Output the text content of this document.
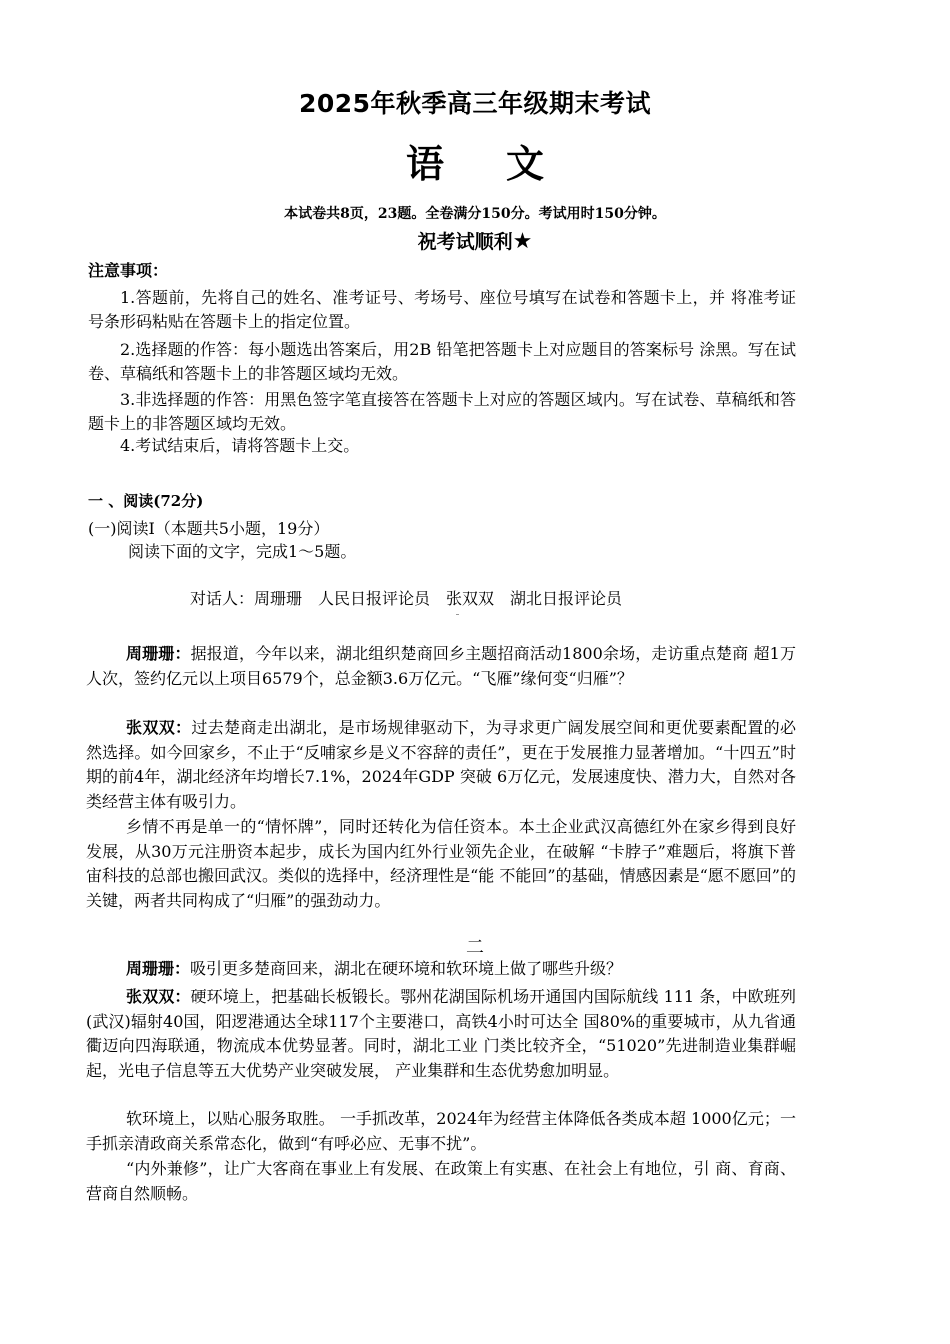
2025年秋季高三年级期末考试
语 文
本试卷共8页，23题。全卷满分150分。考试用时150分钟。
祝考试顺利★
注意事项：
1.答题前，先将自己的姓名、准考证号、考场号、座位号填写在试卷和答题卡上，并 将准考证号条形码粘贴在答题卡上的指定位置。
2.选择题的作答：每小题选出答案后，用2B 铅笔把答题卡上对应题目的答案标号 涂黑。写在试卷、草稿纸和答题卡上的非答题区域均无效。
3.非选择题的作答：用黑色签字笔直接答在答题卡上对应的答题区域内。写在试卷、草稿纸和答题卡上的非答题区域均无效。
4.考试结束后，请将答题卡上交。
一 、阅读(72分)
(一)阅读Ⅰ（本题共5小题，19分）
阅读下面的文字，完成1～5题。
对话人：周珊珊　人民日报评论员　张双双　湖北日报评论员
周珊珊：据报道，今年以来，湖北组织楚商回乡主题招商活动1800余场，走访重点楚商 超1万人次，签约亿元以上项目6579个，总金额3.6万亿元。“飞雁”缘何变“归雁”？
张双双：过去楚商走出湖北，是市场规律驱动下，为寻求更广阔发展空间和更优要素配置的必然选择。如今回家乡，不止于“反哺家乡是义不容辞的责任”，更在于发展推力显著增加。“十四五”时期的前4年，湖北经济年均增长7.1%，2024年GDP 突破 6万亿元，发展速度快、潜力大，自然对各类经营主体有吸引力。
乡情不再是单一的“情怀牌”，同时还转化为信任资本。本土企业武汉高德红外在家乡得到良好发展，从30万元注册资本起步，成长为国内红外行业领先企业，在破解 “卡脖子”难题后，将旗下普宙科技的总部也搬回武汉。类似的选择中，经济理性是“能 不能回”的基础，情感因素是“愿不愿回”的关键，两者共同构成了“归雁”的强劲动力。
二
周珊珊：吸引更多楚商回来，湖北在硬环境和软环境上做了哪些升级？
张双双：硬环境上，把基础长板锻长。鄂州花湖国际机场开通国内国际航线 111 条，中欧班列(武汉)辐射40国，阳逻港通达全球117个主要港口，高铁4小时可达全 国80%的重要城市，从九省通衢迈向四海联通，物流成本优势显著。同时，湖北工业 门类比较齐全，“51020”先进制造业集群崛起，光电子信息等五大优势产业突破发展， 产业集群和生态优势愈加明显。
软环境上，以贴心服务取胜。 一手抓改革，2024年为经营主体降低各类成本超 1000亿元；一手抓亲清政商关系常态化，做到“有呼必应、无事不扰”。
“内外兼修”，让广大客商在事业上有发展、在政策上有实惠、在社会上有地位，引 商、育商、营商自然顺畅。
